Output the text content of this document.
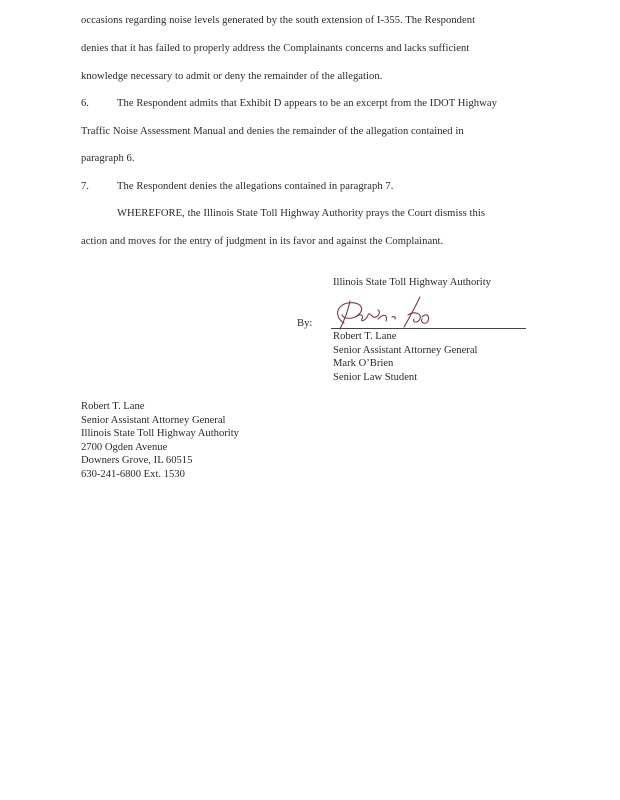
occasions regarding noise levels generated by the south extension of I-355. The Respondent
denies that it has failed to properly address the Complainants concerns and lacks sufficient
knowledge necessary to admit or deny the remainder of the allegation.
6.	The Respondent admits that Exhibit D appears to be an excerpt from the IDOT Highway
Traffic Noise Assessment Manual and denies the remainder of the allegation contained in
paragraph 6.
7.	The Respondent denies the allegations contained in paragraph 7.
WHEREFORE, the Illinois State Toll Highway Authority prays the Court dismiss this
action and moves for the entry of judgment in its favor and against the Complainant.
Illinois State Toll Highway Authority
By:
Robert T. Lane
Senior Assistant Attorney General
Mark O’Brien
Senior Law Student
Robert T. Lane
Senior Assistant Attorney General
Illinois State Toll Highway Authority
2700 Ogden Avenue
Downers Grove, IL 60515
630-241-6800 Ext. 1530
